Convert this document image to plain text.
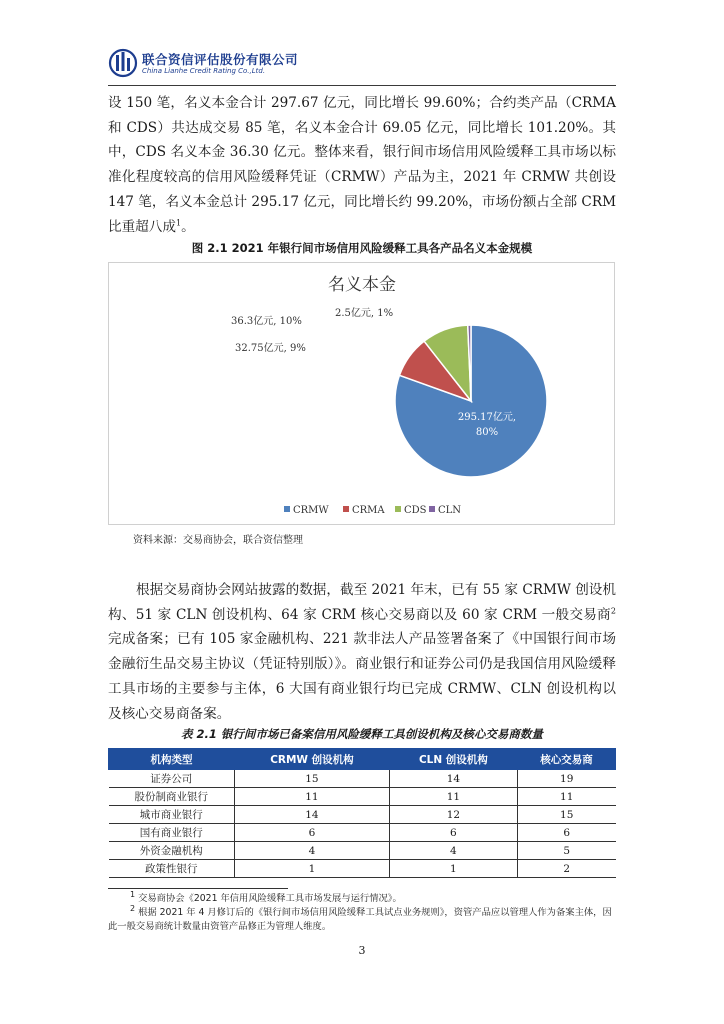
联合资信评估股份有限公司
China Lianhe Credit Rating Co.,Ltd.

设 150 笔，名义本金合计 297.67 亿元，同比增长 99.60%；合约类产品（CRMA 和 CDS）共达成交易 85 笔，名义本金合计 69.05 亿元，同比增长 101.20%。其中，CDS 名义本金 36.30 亿元。整体来看，银行间市场信用风险缓释工具市场以标准化程度较高的信用风险缓释凭证（CRMW）产品为主，2021 年 CRMW 共创设 147 笔，名义本金总计 295.17 亿元，同比增长约 99.20%，市场份额占全部 CRM 比重超八成$^1$。

图 2.1 2021 年银行间市场信用风险缓释工具各产品名义本金规模
名义本金
295.17亿元,
80%
32.75亿元, 9%
36.3亿元, 10%
2.5亿元, 1%
CRMW CRMA CDS CLN
资料来源：交易商协会，联合资信整理

根据交易商协会网站披露的数据，截至 2021 年末，已有 55 家 CRMW 创设机构、51 家 CLN 创设机构、64 家 CRM 核心交易商以及 60 家 CRM 一般交易商$^2$完成备案；已有 105 家金融机构、221 款非法人产品签署备案了《中国银行间市场金融衍生品交易主协议（凭证特别版）》。商业银行和证券公司仍是我国信用风险缓释工具市场的主要参与主体，6 大国有商业银行均已完成 CRMW、CLN 创设机构以及核心交易商备案。

表 2.1 银行间市场已备案信用风险缓释工具创设机构及核心交易商数量
机构类型	CRMW 创设机构	CLN 创设机构	核心交易商
证券公司	15	14	19
股份制商业银行	11	11	11
城市商业银行	14	12	15
国有商业银行	6	6	6
外资金融机构	4	4	5
政策性银行	1	1	2

$^1$ 交易商协会《2021 年信用风险缓释工具市场发展与运行情况》。

$^2$ 根据 2021 年 4 月修订后的《银行间市场信用风险缓释工具试点业务规则》，资管产品应以管理人作为备案主体，因此一般交易商统计数量由资管产品修正为管理人维度。

3
